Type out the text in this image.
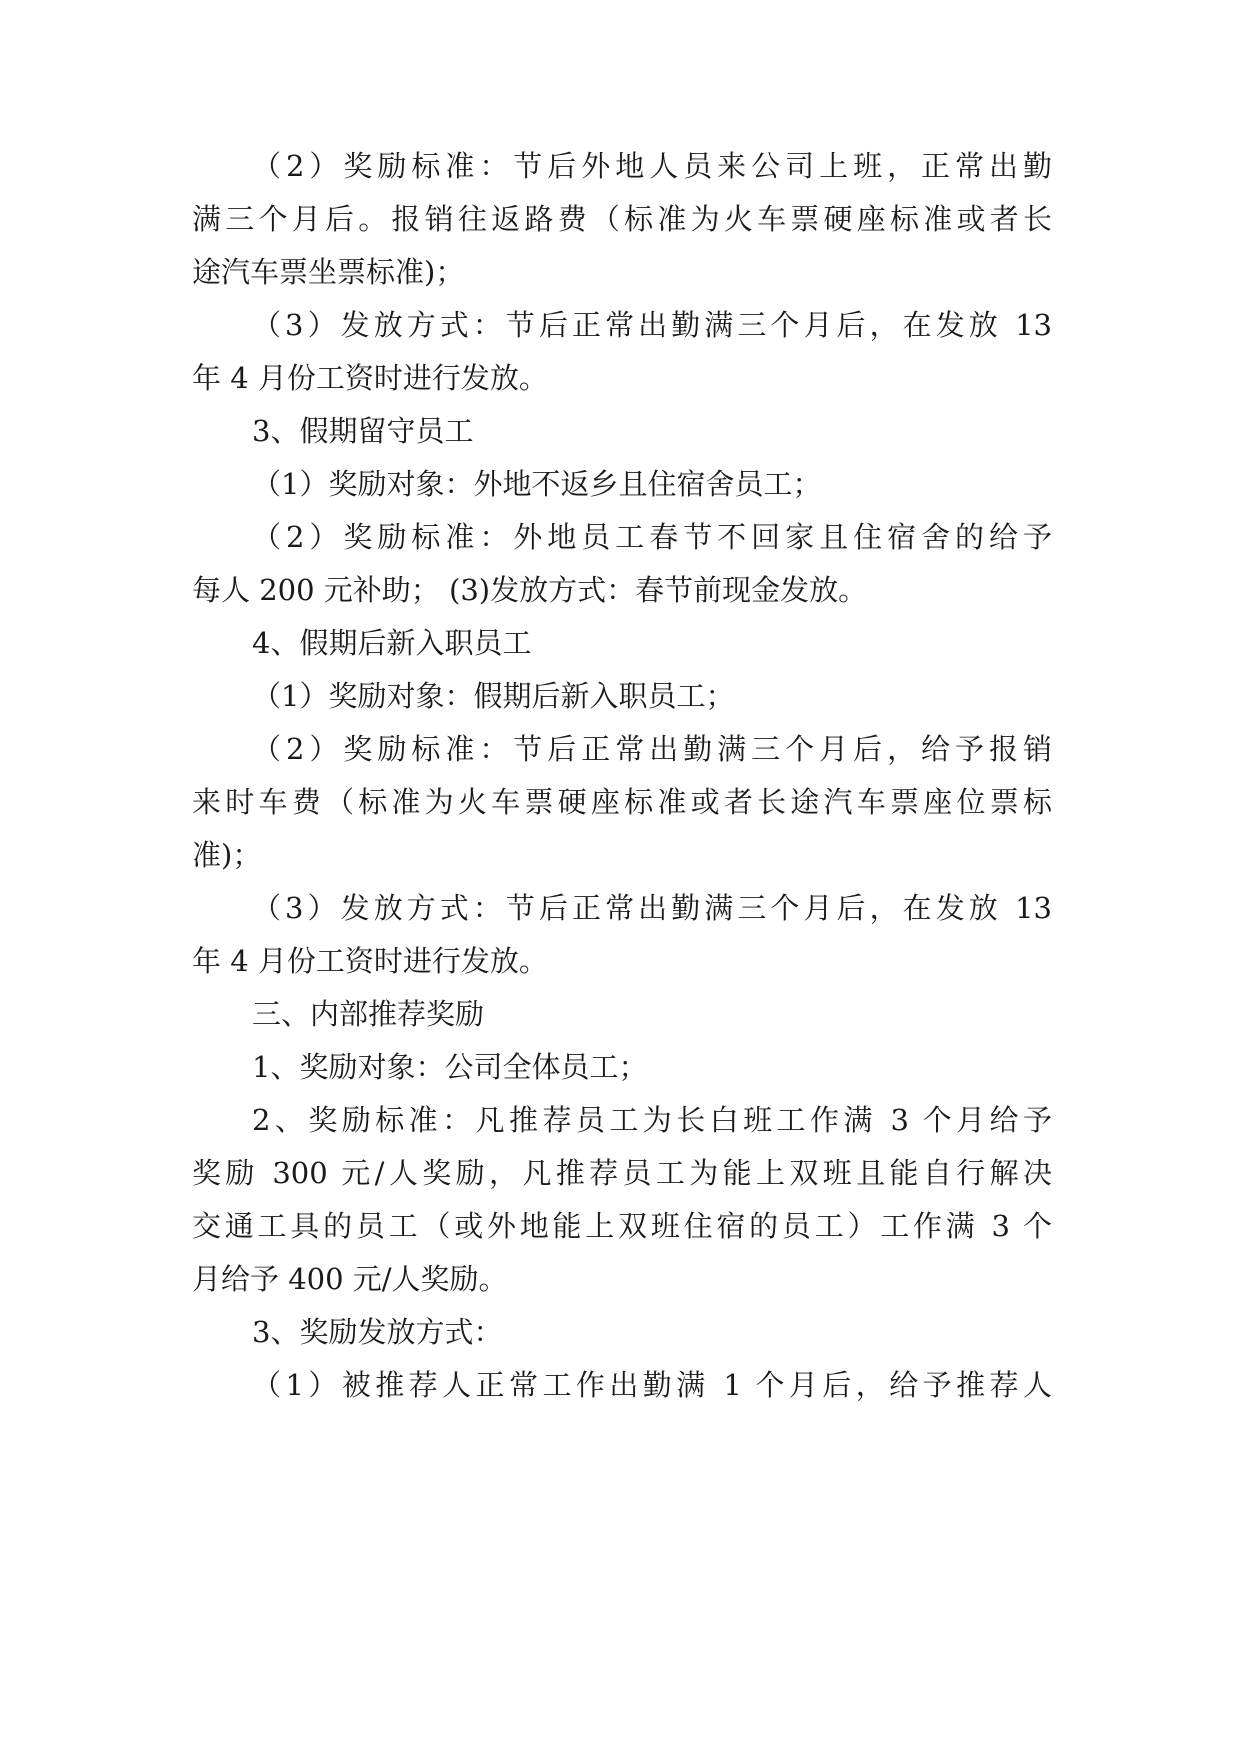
（2）奖励标准：节后外地人员来公司上班，正常出勤
满三个月后。报销往返路费（标准为火车票硬座标准或者长
途汽车票坐票标准)；
（3）发放方式：节后正常出勤满三个月后，在发放 13
年 4 月份工资时进行发放。
3、假期留守员工
（1）奖励对象：外地不返乡且住宿舍员工；
（2）奖励标准：外地员工春节不回家且住宿舍的给予
每人 200 元补助； (3)发放方式：春节前现金发放。
4、假期后新入职员工
（1）奖励对象：假期后新入职员工；
（2）奖励标准：节后正常出勤满三个月后，给予报销
来时车费（标准为火车票硬座标准或者长途汽车票座位票标
准)；
（3）发放方式：节后正常出勤满三个月后，在发放 13
年 4 月份工资时进行发放。
三、内部推荐奖励
1、奖励对象：公司全体员工；
2、奖励标准：凡推荐员工为长白班工作满 3 个月给予
奖励 300 元/人奖励，凡推荐员工为能上双班且能自行解决
交通工具的员工（或外地能上双班住宿的员工）工作满 3 个
月给予 400 元/人奖励。
3、奖励发放方式：
（1）被推荐人正常工作出勤满 1 个月后，给予推荐人
